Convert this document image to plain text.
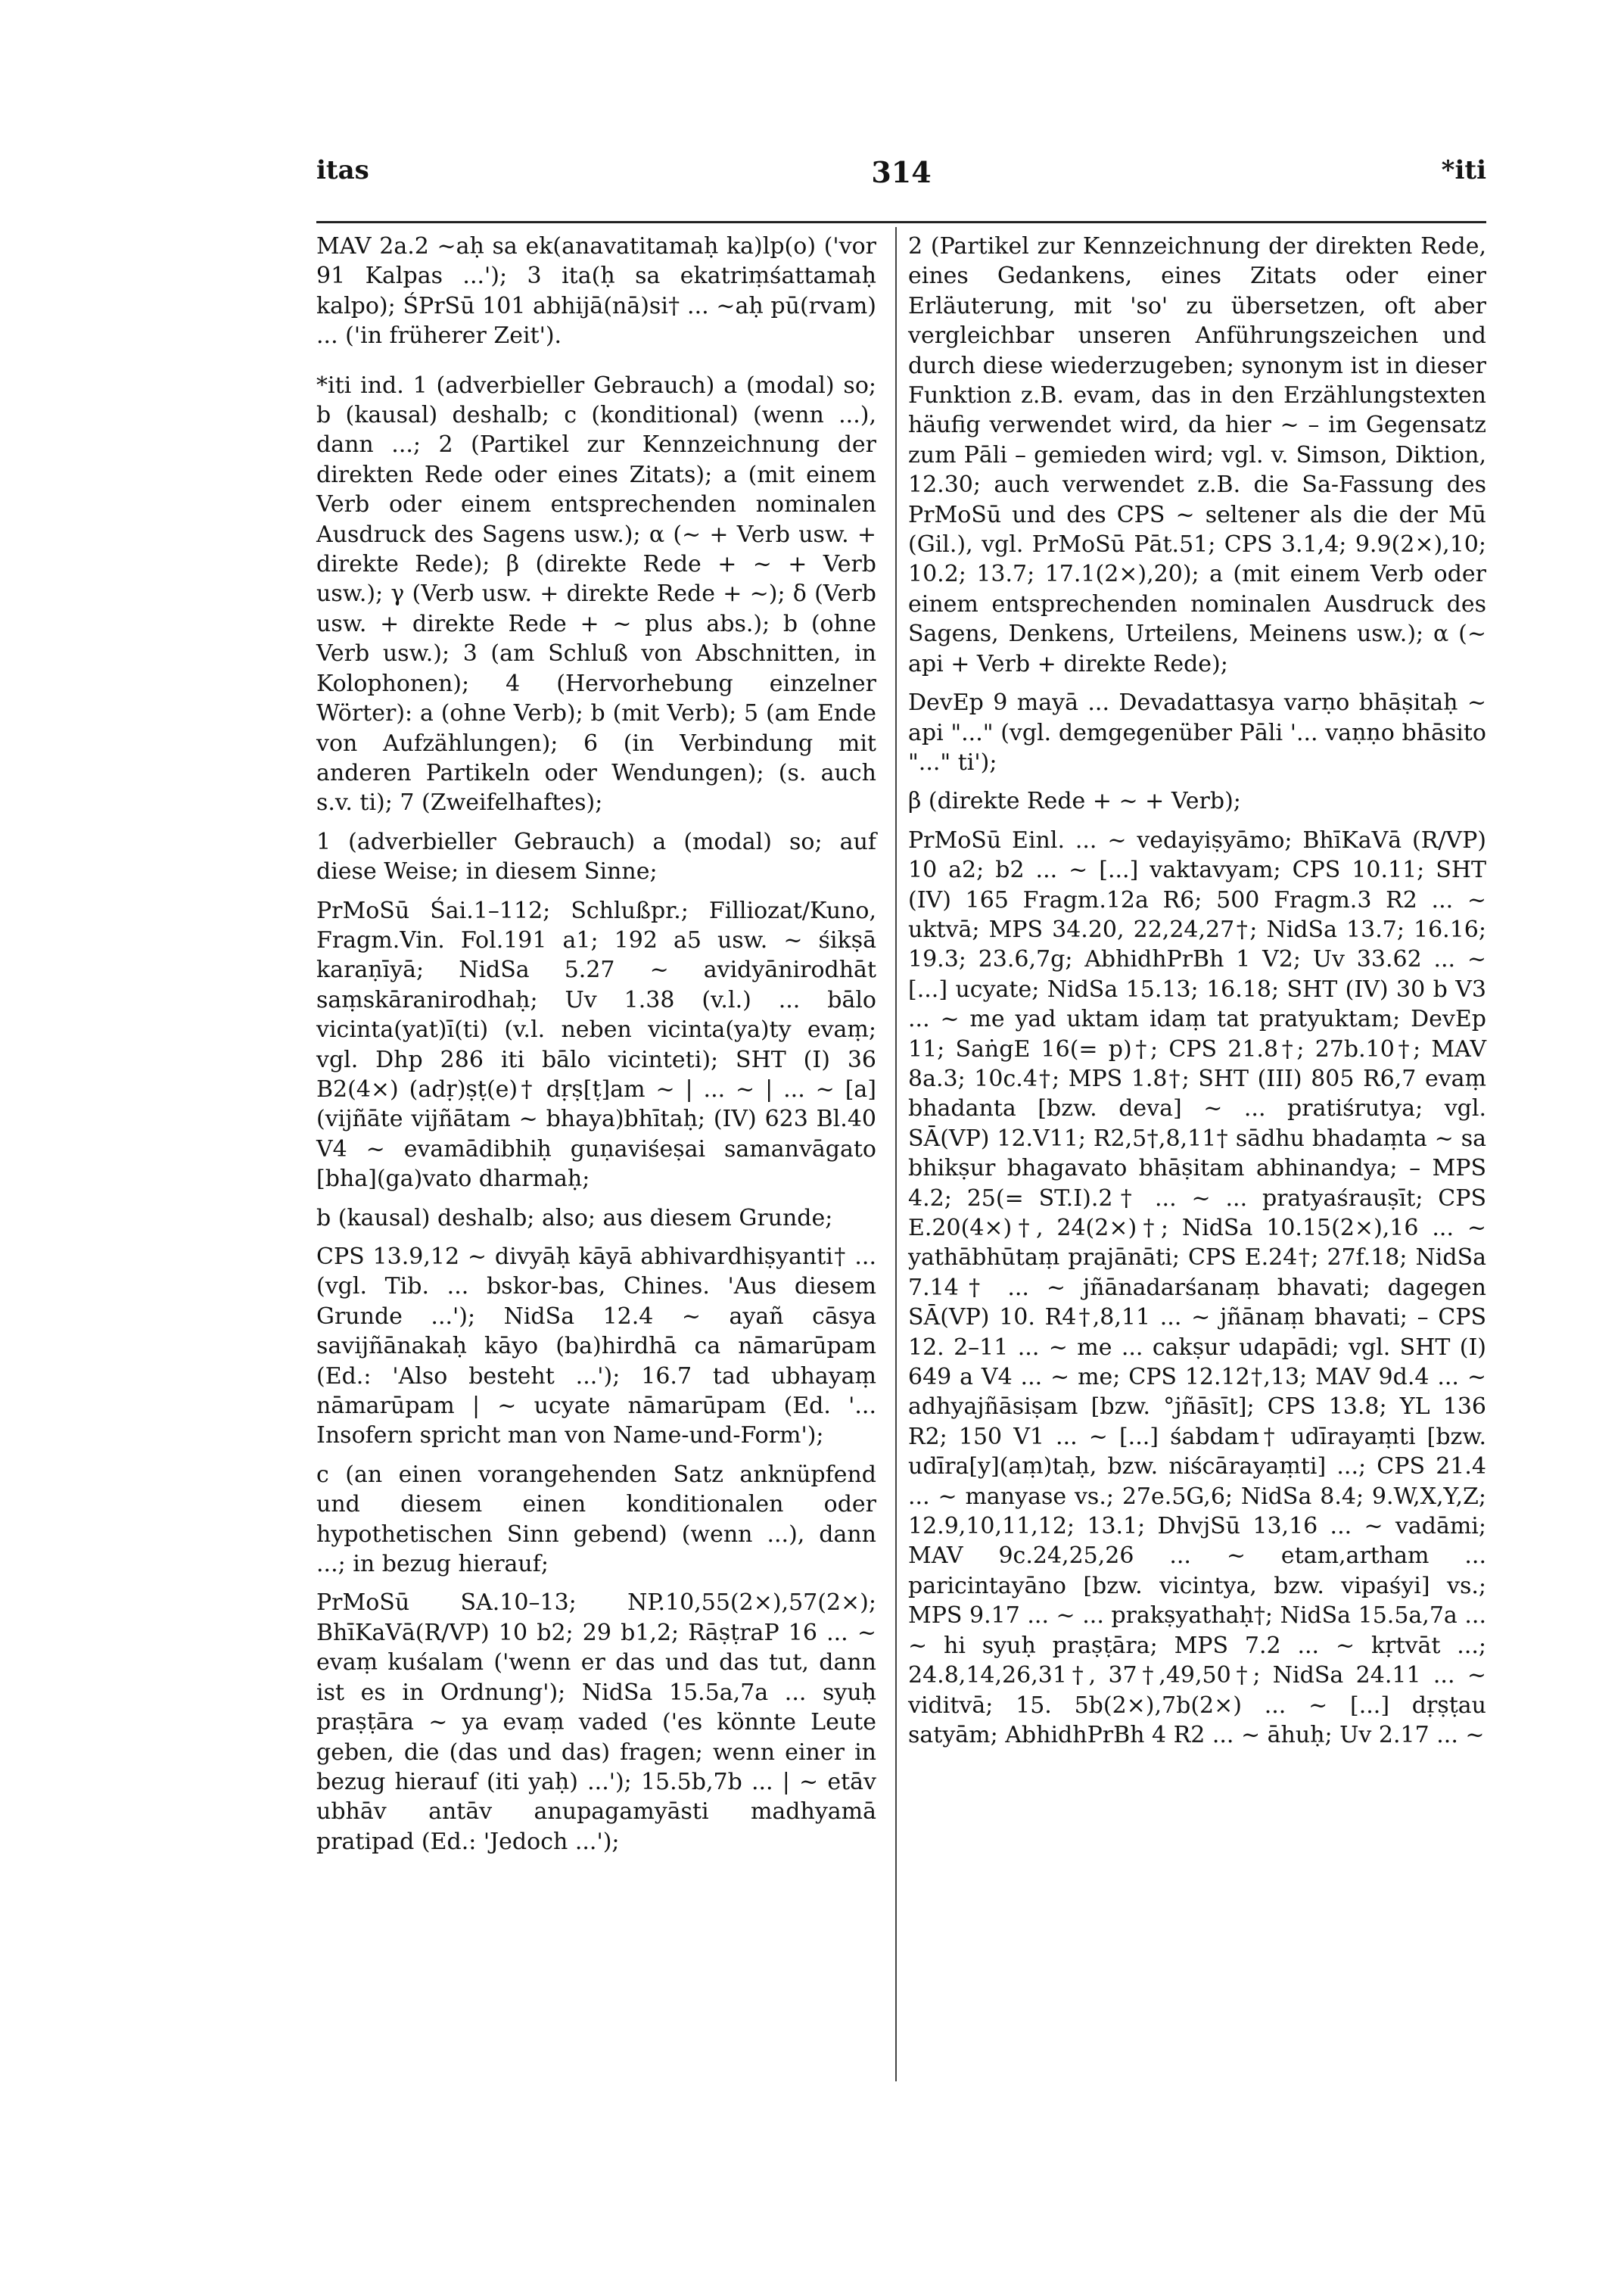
itas	314	*iti

MAV 2a.2 ~aḥ sa ek(anavatitamaḥ ka)lp(o) ('vor 91 Kalpas ...'); 3 ita(ḥ sa ekatriṃśattamaḥ kalpo); ŚPrSū 101 abhijā(nā)si† ... ~aḥ pū(rvam) ... ('in früherer Zeit').

*iti ind. 1 (adverbieller Gebrauch) a (modal) so; b (kausal) deshalb; c (konditional) (wenn ...), dann ...; 2 (Partikel zur Kennzeichnung der direkten Rede oder eines Zitats); a (mit einem Verb oder einem entsprechenden nominalen Ausdruck des Sagens usw.); α (~ + Verb usw. + direkte Rede); β (direkte Rede + ~ + Verb usw.); γ (Verb usw. + direkte Rede + ~); δ (Verb usw. + direkte Rede + ~ plus abs.); b (ohne Verb usw.); 3 (am Schluß von Abschnitten, in Kolophonen); 4 (Hervorhebung einzelner Wörter): a (ohne Verb); b (mit Verb); 5 (am Ende von Aufzählungen); 6 (in Verbindung mit anderen Partikeln oder Wendungen); (s. auch s.v. ti); 7 (Zweifelhaftes);

1 (adverbieller Gebrauch) a (modal) so; auf diese Weise; in diesem Sinne;

PrMoSū Śai.1–112; Schlußpr.; Filliozat/Kuno, Fragm.Vin. Fol.191 a1; 192 a5 usw. ~ śikṣā karaṇīyā; NidSa 5.27 ~ avidyānirodhāt saṃskāranirodhaḥ; Uv 1.38 (v.l.) ... bālo vicinta(yat)ī(ti) (v.l. neben vicinta(ya)ty evaṃ; vgl. Dhp 286 iti bālo vicinteti); SHT (I) 36 B2(4×) (adṛ)ṣṭ(e)† dṛṣ[ṭ]am ~ | ... ~ | ... ~ [a](vijñāte vijñātam ~ bhaya)bhītaḥ; (IV) 623 Bl.40 V4 ~ evamādibhiḥ guṇaviśeṣai samanvāgato [bha](ga)vato dharmaḥ;

b (kausal) deshalb; also; aus diesem Grunde;

CPS 13.9,12 ~ divyāḥ kāyā abhivardhiṣyanti† ... (vgl. Tib. ... bskor-bas, Chines. 'Aus diesem Grunde ...'); NidSa 12.4 ~ ayañ cāsya savijñānakaḥ kāyo (ba)hirdhā ca nāmarūpam (Ed.: 'Also besteht ...'); 16.7 tad ubhayaṃ nāmarūpam | ~ ucyate nāmarūpam (Ed. '... Insofern spricht man von Name-und-Form');

c (an einen vorangehenden Satz anknüpfend und diesem einen konditionalen oder hypothetischen Sinn gebend) (wenn ...), dann ...; in bezug hierauf;

PrMoSū SA.10–13; NP.10,55(2×),57(2×); BhīKaVā(R/VP) 10 b2; 29 b1,2; RāṣṭraP 16 ... ~ evaṃ kuśalam ('wenn er das und das tut, dann ist es in Ordnung'); NidSa 15.5a,7a ... syuḥ praṣṭāra ~ ya evaṃ vaded ('es könnte Leute geben, die (das und das) fragen; wenn einer in bezug hierauf (iti yaḥ) ...'); 15.5b,7b ... | ~ etāv ubhāv antāv anupagamyāsti madhyamā pratipad (Ed.: 'Jedoch ...');

2 (Partikel zur Kennzeichnung der direkten Rede, eines Gedankens, eines Zitats oder einer Erläuterung, mit 'so' zu übersetzen, oft aber vergleichbar unseren Anführungszeichen und durch diese wiederzugeben; synonym ist in dieser Funktion z.B. evam, das in den Erzählungstexten häufig verwendet wird, da hier ~ – im Gegensatz zum Pāli – gemieden wird; vgl. v. Simson, Diktion, 12.30; auch verwendet z.B. die Sa-Fassung des PrMoSū und des CPS ~ seltener als die der Mū (Gil.), vgl. PrMoSū Pāt.51; CPS 3.1,4; 9.9(2×),10; 10.2; 13.7; 17.1(2×),20); a (mit einem Verb oder einem entsprechenden nominalen Ausdruck des Sagens, Denkens, Urteilens, Meinens usw.); α (~ api + Verb + direkte Rede);

DevEp 9 mayā ... Devadattasya varṇo bhāṣitaḥ ~ api "..." (vgl. demgegenüber Pāli '... vaṇṇo bhāsito "..." ti');

β (direkte Rede + ~ + Verb);

PrMoSū Einl. ... ~ vedayiṣyāmo; BhīKaVā (R/VP) 10 a2; b2 ... ~ [...] vaktavyam; CPS 10.11; SHT (IV) 165 Fragm.12a R6; 500 Fragm.3 R2 ... ~ uktvā; MPS 34.20, 22,24,27†; NidSa 13.7; 16.16; 19.3; 23.6,7g; AbhidhPrBh 1 V2; Uv 33.62 ... ~ [...] ucyate; NidSa 15.13; 16.18; SHT (IV) 30 b V3 ... ~ me yad uktam idaṃ tat pratyuktam; DevEp 11; SaṅgE 16(= p)†; CPS 21.8†; 27b.10†; MAV 8a.3; 10c.4†; MPS 1.8†; SHT (III) 805 R6,7 evaṃ bhadanta [bzw. deva] ~ ... pratiśrutya; vgl. SĀ(VP) 12.V11; R2,5†,8,11† sādhu bhadaṃta ~ sa bhikṣur bhagavato bhāṣitam abhinandya; – MPS 4.2; 25(= ST.I).2† ... ~ ... pratyaśrauṣīt; CPS E.20(4×)†, 24(2×)†; NidSa 10.15(2×),16 ... ~ yathābhūtaṃ prajānāti; CPS E.24†; 27f.18; NidSa 7.14† ... ~ jñānadarśanaṃ bhavati; dagegen SĀ(VP) 10. R4†,8,11 ... ~ jñānaṃ bhavati; – CPS 12. 2–11 ... ~ me ... cakṣur udapādi; vgl. SHT (I) 649 a V4 ... ~ me; CPS 12.12†,13; MAV 9d.4 ... ~ adhyajñāsiṣam [bzw. °jñāsīt]; CPS 13.8; YL 136 R2; 150 V1 ... ~ [...] śabdam† udīrayaṃti [bzw. udīra[y](aṃ)taḥ, bzw. niścārayaṃti] ...; CPS 21.4 ... ~ manyase vs.; 27e.5G,6; NidSa 8.4; 9.W,X,Y,Z; 12.9,10,11,12; 13.1; DhvjSū 13,16 ... ~ vadāmi; MAV 9c.24,25,26 ... ~ etam,artham ... paricintayāno [bzw. vicintya, bzw. vipaśyi] vs.; MPS 9.17 ... ~ ... prakṣyathaḥ†; NidSa 15.5a,7a ... ~ hi syuḥ praṣṭāra; MPS 7.2 ... ~ kṛtvāt ...; 24.8,14,26,31†, 37†,49,50†; NidSa 24.11 ... ~ viditvā; 15. 5b(2×),7b(2×) ... ~ [...] dṛṣṭau satyām; AbhidhPrBh 4 R2 ... ~ āhuḥ; Uv 2.17 ... ~
